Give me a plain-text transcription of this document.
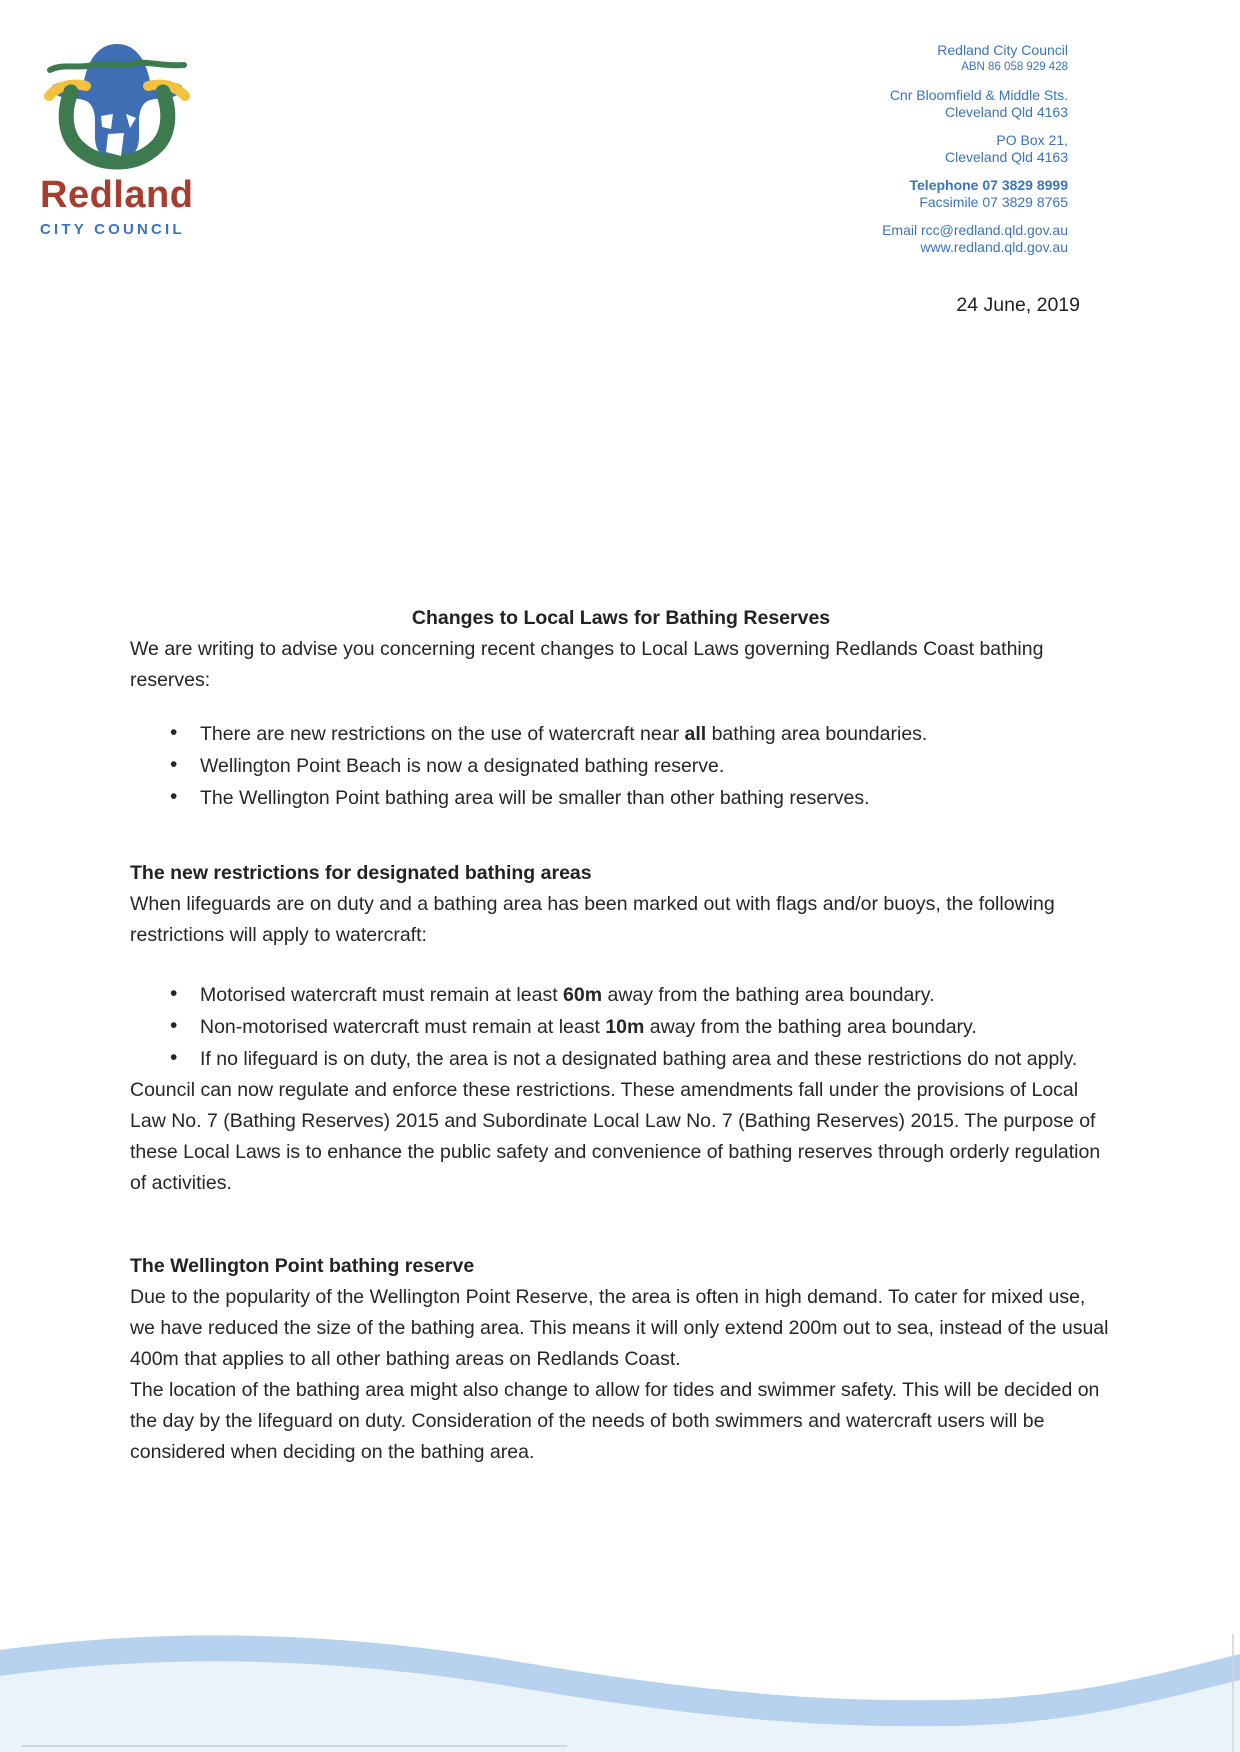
Redland
CITY COUNCIL
Redland City Council
ABN 86 058 929 428
Cnr Bloomfield & Middle Sts.
Cleveland Qld 4163
PO Box 21,
Cleveland Qld 4163
Telephone 07 3829 8999
Facsimile 07 3829 8765
Email rcc@redland.qld.gov.au
www.redland.qld.gov.au
24 June, 2019
Changes to Local Laws for Bathing Reserves

We are writing to advise you concerning recent changes to Local Laws governing Redlands Coast bathing reserves:

• There are new restrictions on the use of watercraft near all bathing area boundaries.
• Wellington Point Beach is now a designated bathing reserve.
• The Wellington Point bathing area will be smaller than other bathing reserves.
The new restrictions for designated bathing areas

When lifeguards are on duty and a bathing area has been marked out with flags and/or buoys, the following restrictions will apply to watercraft:

• Motorised watercraft must remain at least 60m away from the bathing area boundary.
• Non-motorised watercraft must remain at least 10m away from the bathing area boundary.
• If no lifeguard is on duty, the area is not a designated bathing area and these restrictions do not apply.

Council can now regulate and enforce these restrictions. These amendments fall under the provisions of Local Law No. 7 (Bathing Reserves) 2015 and Subordinate Local Law No. 7 (Bathing Reserves) 2015. The purpose of these Local Laws is to enhance the public safety and convenience of bathing reserves through orderly regulation of activities.

The Wellington Point bathing reserve

Due to the popularity of the Wellington Point Reserve, the area is often in high demand. To cater for mixed use, we have reduced the size of the bathing area. This means it will only extend 200m out to sea, instead of the usual 400m that applies to all other bathing areas on Redlands Coast.

The location of the bathing area might also change to allow for tides and swimmer safety. This will be decided on the day by the lifeguard on duty. Consideration of the needs of both swimmers and watercraft users will be considered when deciding on the bathing area.
